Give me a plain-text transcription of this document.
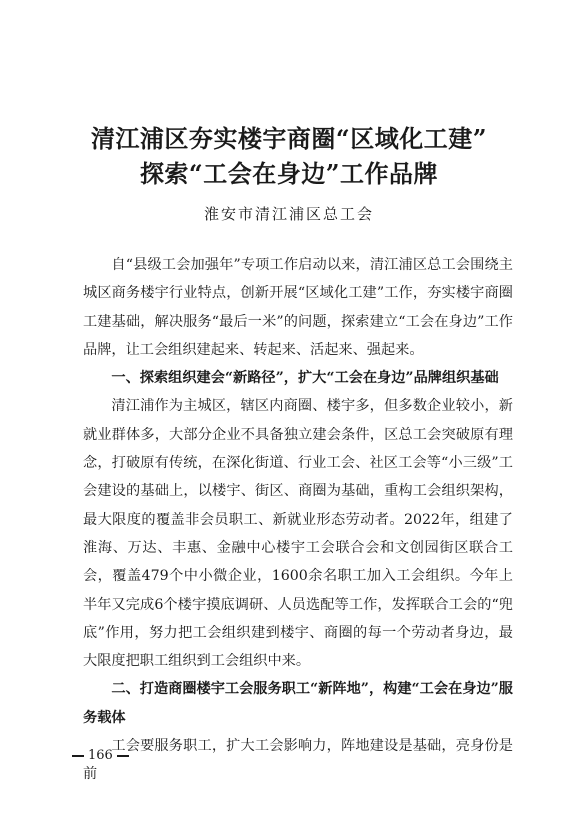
清江浦区夯实楼宇商圈“区域化工建”
探索“工会在身边”工作品牌
淮安市清江浦区总工会

自“县级工会加强年”专项工作启动以来，清江浦区总工会围绕主城区商务楼宇行业特点，创新开展“区域化工建”工作，夯实楼宇商圈工建基础，解决服务“最后一米”的问题，探索建立“工会在身边”工作品牌，让工会组织建起来、转起来、活起来、强起来。

一、探索组织建会“新路径”，扩大“工会在身边”品牌组织基础

清江浦作为主城区，辖区内商圈、楼宇多，但多数企业较小，新就业群体多，大部分企业不具备独立建会条件，区总工会突破原有理念，打破原有传统，在深化街道、行业工会、社区工会等“小三级”工会建设的基础上，以楼宇、街区、商圈为基础，重构工会组织架构，最大限度的覆盖非会员职工、新就业形态劳动者。2022年，组建了淮海、万达、丰惠、金融中心楼宇工会联合会和文创园街区联合工会，覆盖479个中小微企业，1600余名职工加入工会组织。今年上半年又完成6个楼宇摸底调研、人员选配等工作，发挥联合工会的“兜底”作用，努力把工会组织建到楼宇、商圈的每一个劳动者身边，最大限度把职工组织到工会组织中来。

二、打造商圈楼宇工会服务职工“新阵地”，构建“工会在身边”服务载体

工会要服务职工，扩大工会影响力，阵地建设是基础，亮身份是前

166
